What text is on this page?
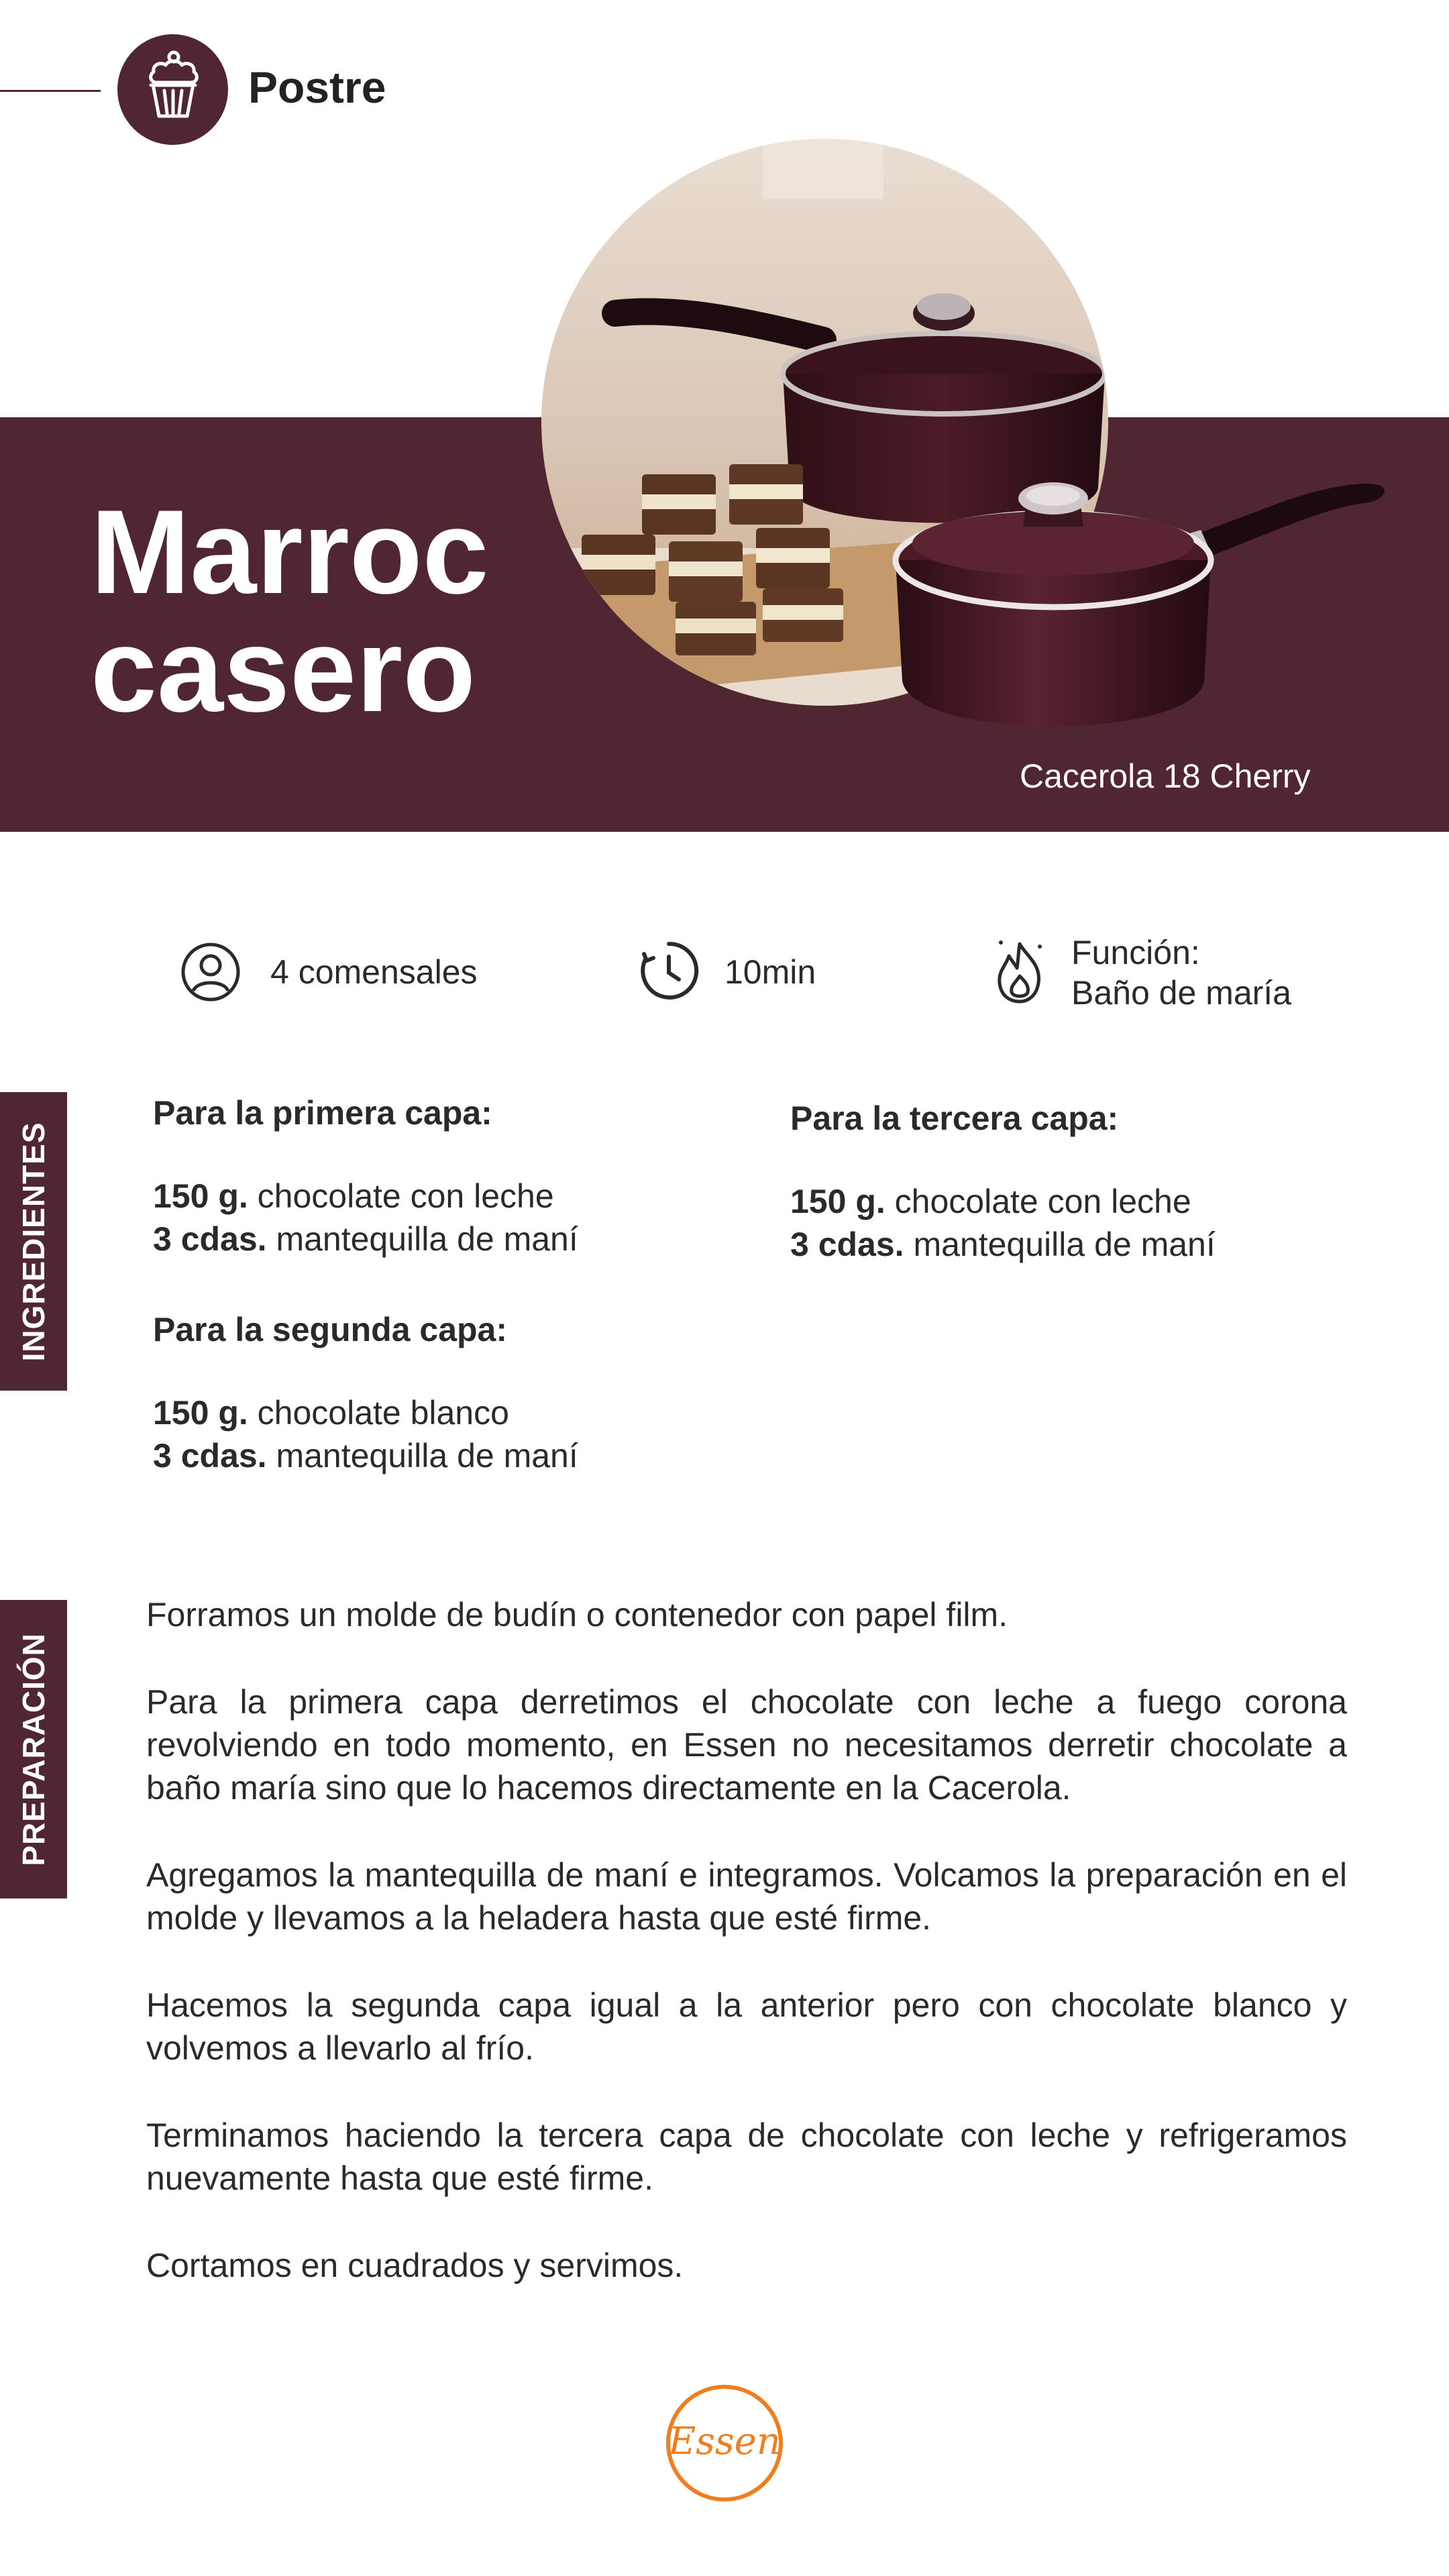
Postre
Marroc
casero
Cacerola 18 Cherry
4 comensales	10min
Función:
Baño de maría
INGREDIENTES
Para la primera capa:
150 g. chocolate con leche
3 cdas. mantequilla de maní
Para la segunda capa:
150 g. chocolate blanco
3 cdas. mantequilla de maní
Para la tercera capa:
150 g. chocolate con leche
3 cdas. mantequilla de maní
PREPARACIÓN

Forramos un molde de budín o contenedor con papel film.

Para la primera capa derretimos el chocolate con leche a fuego corona revolviendo en todo momento, en Essen no necesitamos derretir chocolate a baño maría sino que lo hacemos directamente en la Cacerola.

Agregamos la mantequilla de maní e integramos. Volcamos la preparación en el molde y llevamos a la heladera hasta que esté firme.

Hacemos la segunda capa igual a la anterior pero con chocolate blanco y volvemos a llevarlo al frío.

Terminamos haciendo la tercera capa de chocolate con leche y refrigeramos nuevamente hasta que esté firme.

Cortamos en cuadrados y servimos.

Essen
